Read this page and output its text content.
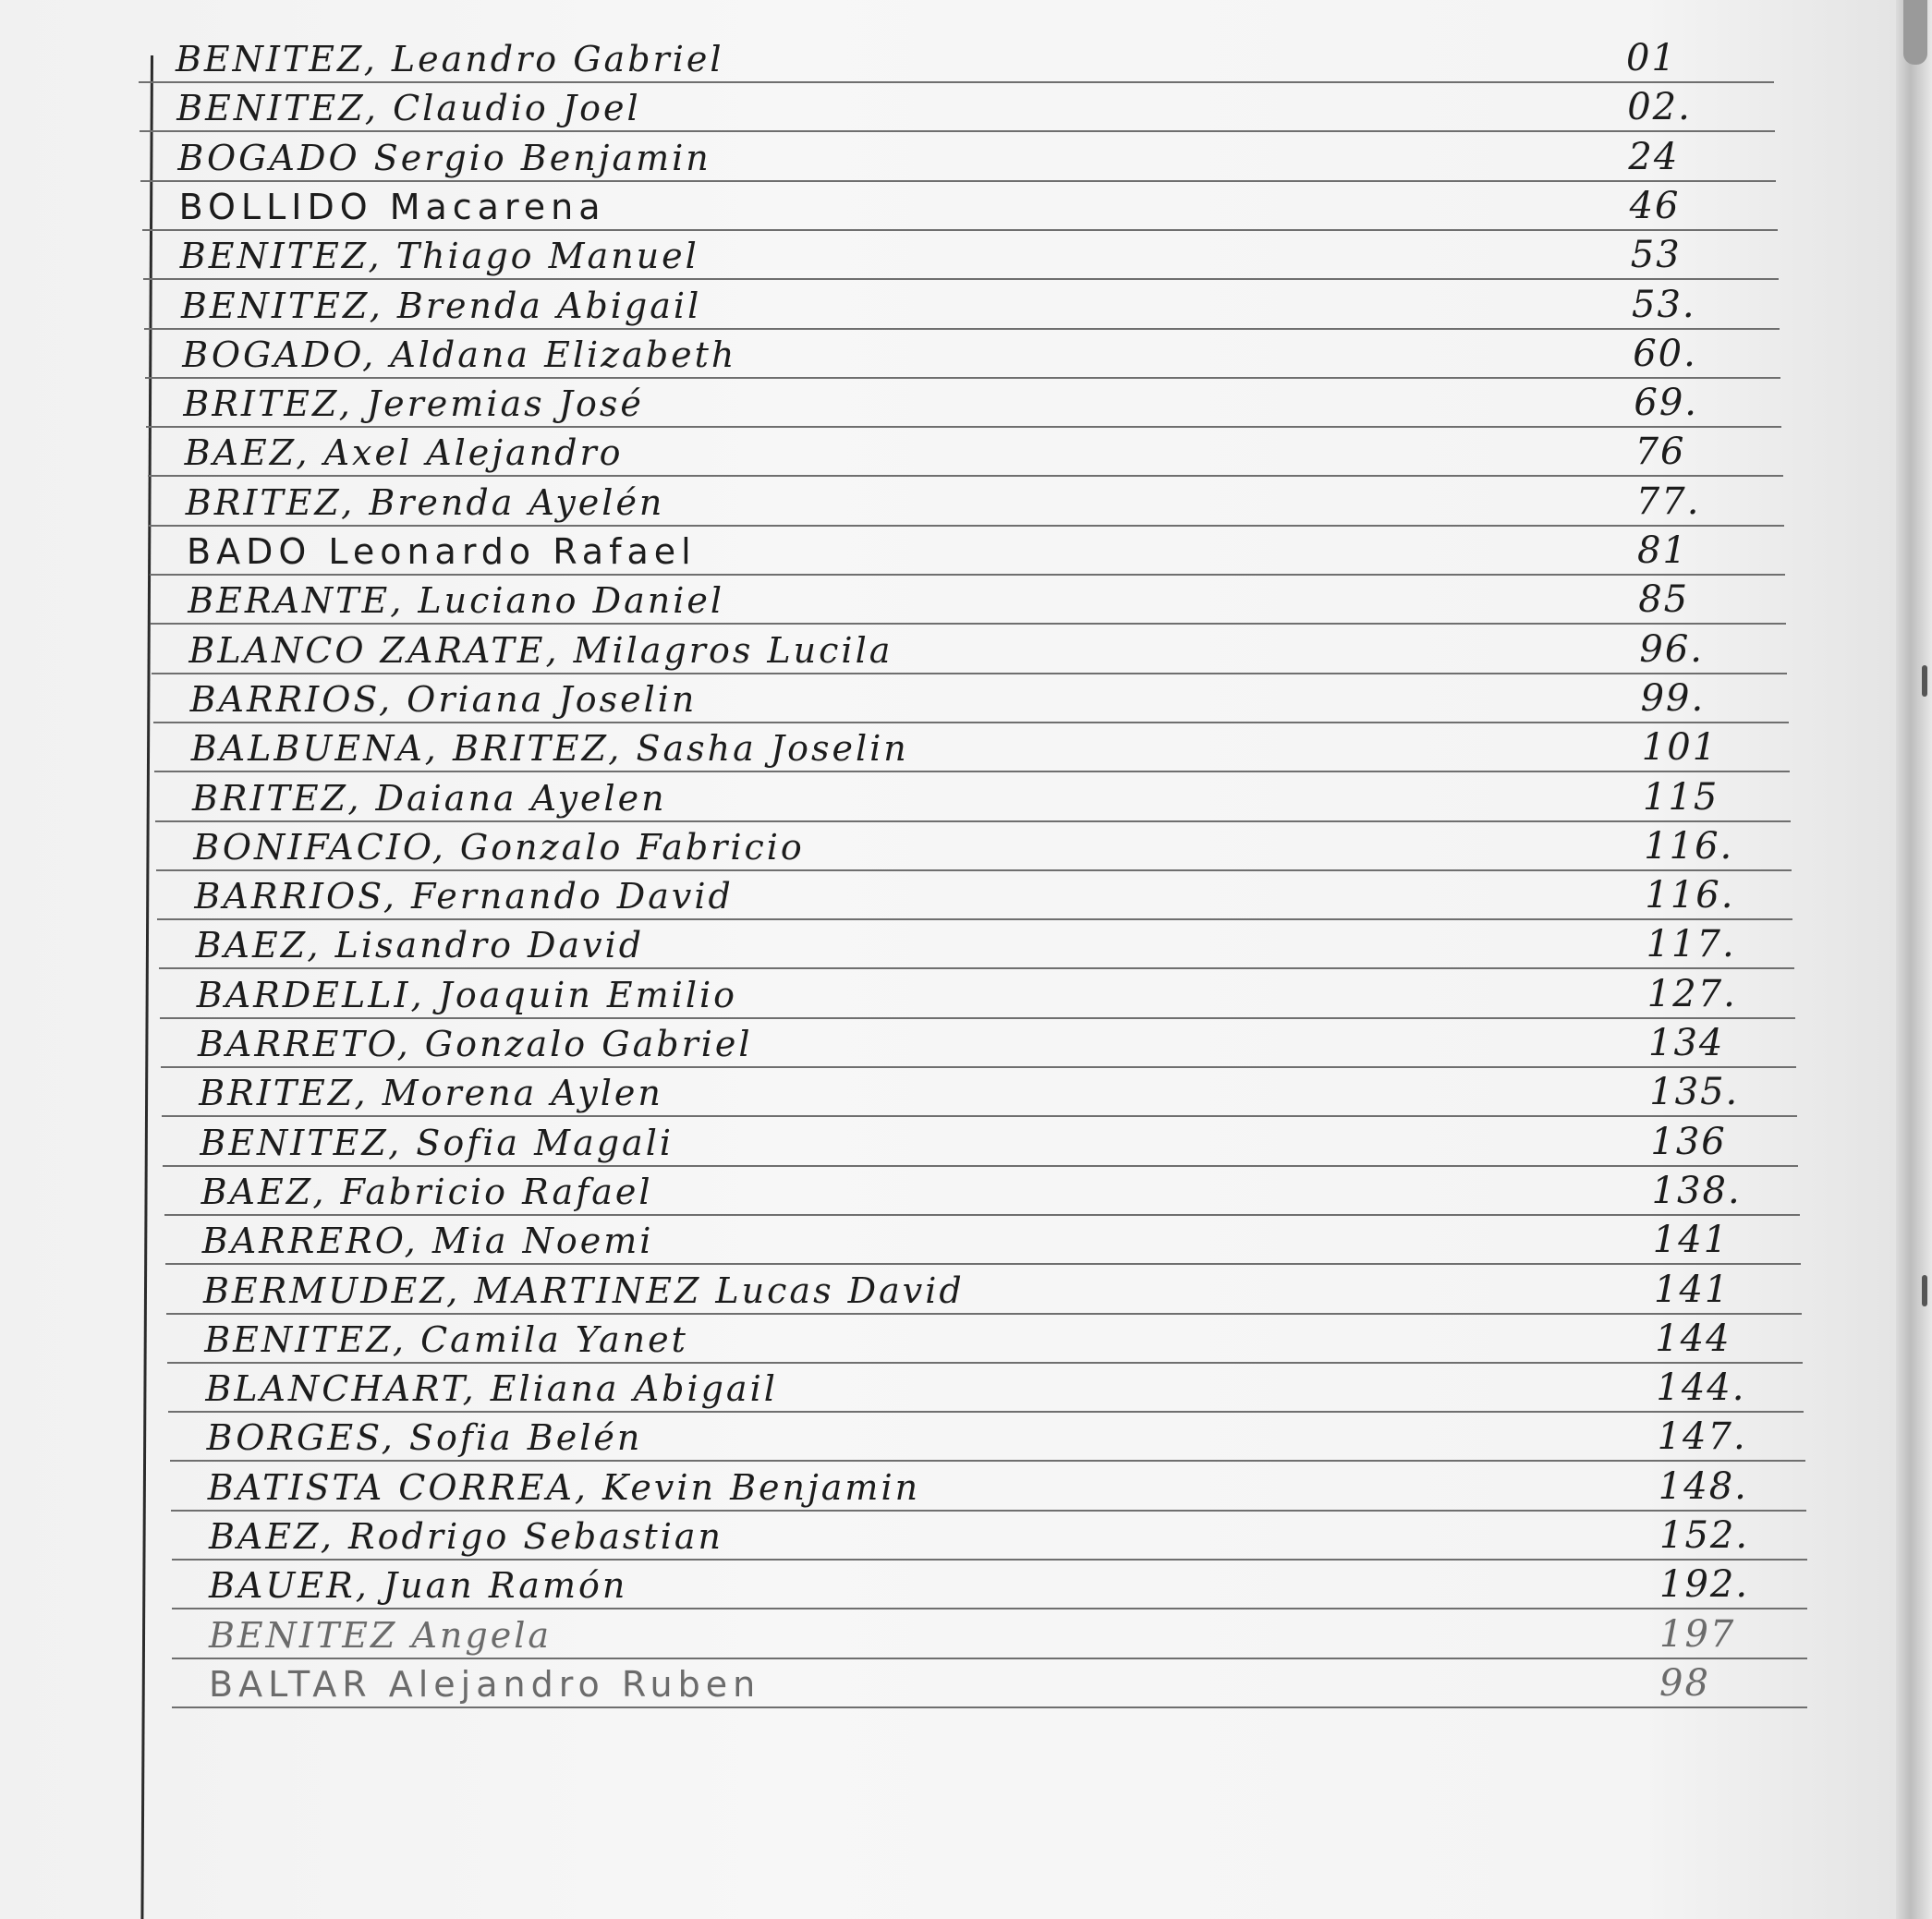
BENITEZ, Leandro Gabriel	01
BENITEZ, Claudio Joel	02.
BOGADO Sergio Benjamin	24
BOLLIDO Macarena	46
BENITEZ, Thiago Manuel	53
BENITEZ, Brenda Abigail	53.
BOGADO, Aldana Elizabeth	60.
BRITEZ, Jeremias José	69.
BAEZ, Axel Alejandro	76
BRITEZ, Brenda Ayelén	77.
BADO Leonardo Rafael	81
BERANTE, Luciano Daniel	85
BLANCO ZARATE, Milagros Lucila	96.
BARRIOS, Oriana Joselin	99.
BALBUENA, BRITEZ, Sasha Joselin	101
BRITEZ, Daiana Ayelen	115
BONIFACIO, Gonzalo Fabricio	116.
BARRIOS, Fernando David	116.
BAEZ, Lisandro David	117.
BARDELLI, Joaquin Emilio	127.
BARRETO, Gonzalo Gabriel	134
BRITEZ, Morena Aylen	135.
BENITEZ, Sofia Magali	136
BAEZ, Fabricio Rafael	138.
BARRERO, Mia Noemi	141
BERMUDEZ, MARTINEZ Lucas David	141
BENITEZ, Camila Yanet	144
BLANCHART, Eliana Abigail	144.
BORGES, Sofia Belén	147.
BATISTA CORREA, Kevin Benjamin	148.
BAEZ, Rodrigo Sebastian	152.
BAUER, Juan Ramón	192.
BENITEZ Angela	197
BALTAR Alejandro Ruben	98
